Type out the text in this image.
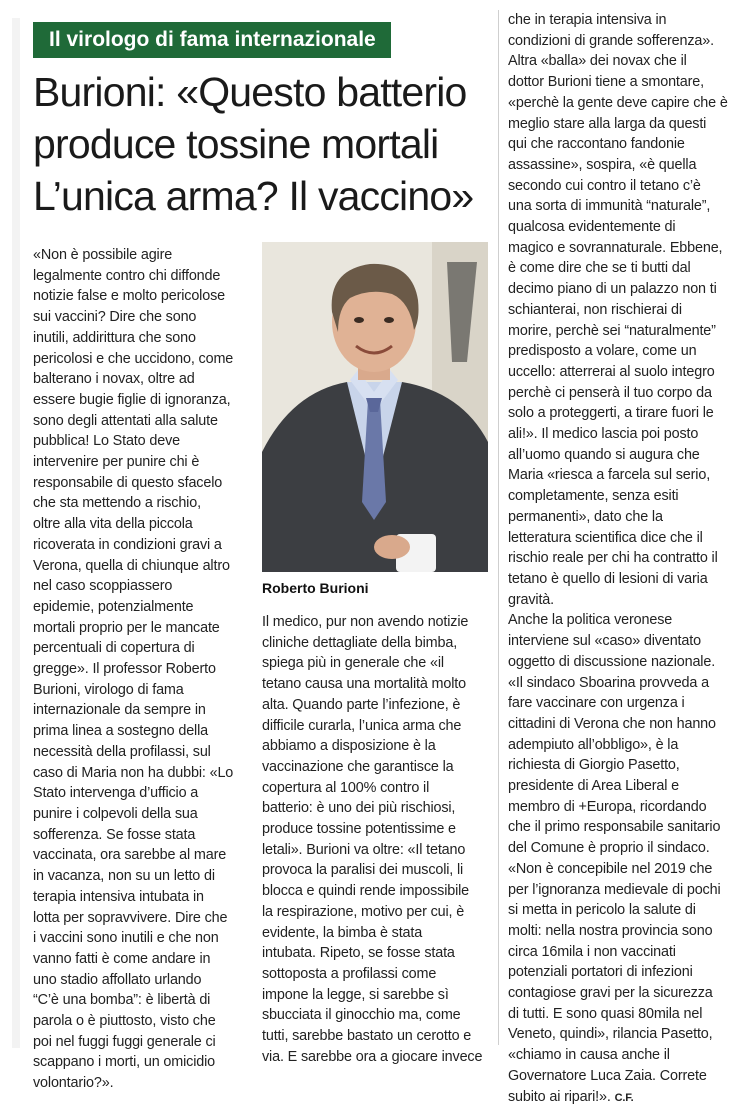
Il virologo di fama internazionale
Burioni: «Questo batterio
produce tossine mortali
L’unica arma? Il vaccino»

«Non è possibile agire
legalmente contro chi diffonde
notizie false e molto pericolose
sui vaccini? Dire che sono
inutili, addirittura che sono
pericolosi e che uccidono, come
balterano i novax, oltre ad
essere bugie figlie di ignoranza,
sono degli attentati alla salute
pubblica! Lo Stato deve
intervenire per punire chi è
responsabile di questo sfacelo
che sta mettendo a rischio,
oltre alla vita della piccola
ricoverata in condizioni gravi a
Verona, quella di chiunque altro
nel caso scoppiassero
epidemie, potenzialmente
mortali proprio per le mancate
percentuali di copertura di
gregge». Il professor Roberto
Burioni, virologo di fama
internazionale da sempre in
prima linea a sostegno della
necessità della profilassi, sul
caso di Maria non ha dubbi: «Lo
Stato intervenga d’ufficio a
punire i colpevoli della sua
sofferenza. Se fosse stata
vaccinata, ora sarebbe al mare
in vacanza, non su un letto di
terapia intensiva intubata in
lotta per sopravvivere. Dire che
i vaccini sono inutili e che non
vanno fatti è come andare in
uno stadio affollato urlando
“C’è una bomba”: è libertà di
parola o è piuttosto, visto che
poi nel fuggi fuggi generale ci
scappano i morti, un omicidio
volontario?».

Roberto Burioni

Il medico, pur non avendo notizie
cliniche dettagliate della bimba,
spiega più in generale che «il
tetano causa una mortalità molto
alta. Quando parte l’infezione, è
difficile curarla, l’unica arma che
abbiamo a disposizione è la
vaccinazione che garantisce la
copertura al 100% contro il
batterio: è uno dei più rischiosi,
produce tossine potentissime e
letali». Burioni va oltre: «Il tetano
provoca la paralisi dei muscoli, li
blocca e quindi rende impossibile
la respirazione, motivo per cui, è
evidente, la bimba è stata
intubata. Ripeto, se fosse stata
sottoposta a profilassi come
impone la legge, si sarebbe sì
sbucciata il ginocchio ma, come
tutti, sarebbe bastato un cerotto e
via. E sarebbe ora a giocare invece

che in terapia intensiva in
condizioni di grande sofferenza».
Altra «balla» dei novax che il
dottor Burioni tiene a smontare,
«perchè la gente deve capire che è
meglio stare alla larga da questi
qui che raccontano fandonie
assassine», sospira, «è quella
secondo cui contro il tetano c’è
una sorta di immunità “naturale”,
qualcosa evidentemente di
magico e sovrannaturale. Ebbene,
è come dire che se ti butti dal
decimo piano di un palazzo non ti
schianterai, non rischierai di
morire, perchè sei “naturalmente”
predisposto a volare, come un
uccello: atterrerai al suolo integro
perchè ci penserà il tuo corpo da
solo a proteggerti, a tirare fuori le
ali!». Il medico lascia poi posto
all’uomo quando si augura che
Maria «riesca a farcela sul serio,
completamente, senza esiti
permanenti», dato che la
letteratura scientifica dice che il
rischio reale per chi ha contratto il
tetano è quello di lesioni di varia
gravità.
Anche la politica veronese
interviene sul «caso» diventato
oggetto di discussione nazionale.
«Il sindaco Sboarina provveda a
fare vaccinare con urgenza i
cittadini di Verona che non hanno
adempiuto all’obbligo», è la
richiesta di Giorgio Pasetto,
presidente di Area Liberal e
membro di +Europa, ricordando
che il primo responsabile sanitario
del Comune è proprio il sindaco.
«Non è concepibile nel 2019 che
per l’ignoranza medievale di pochi
si metta in pericolo la salute di
molti: nella nostra provincia sono
circa 16mila i non vaccinati
potenziali portatori di infezioni
contagiose gravi per la sicurezza
di tutti. E sono quasi 80mila nel
Veneto, quindi», rilancia Pasetto,
«chiamo in causa anche il
Governatore Luca Zaia. Correte
subito ai ripari!». C.F.
